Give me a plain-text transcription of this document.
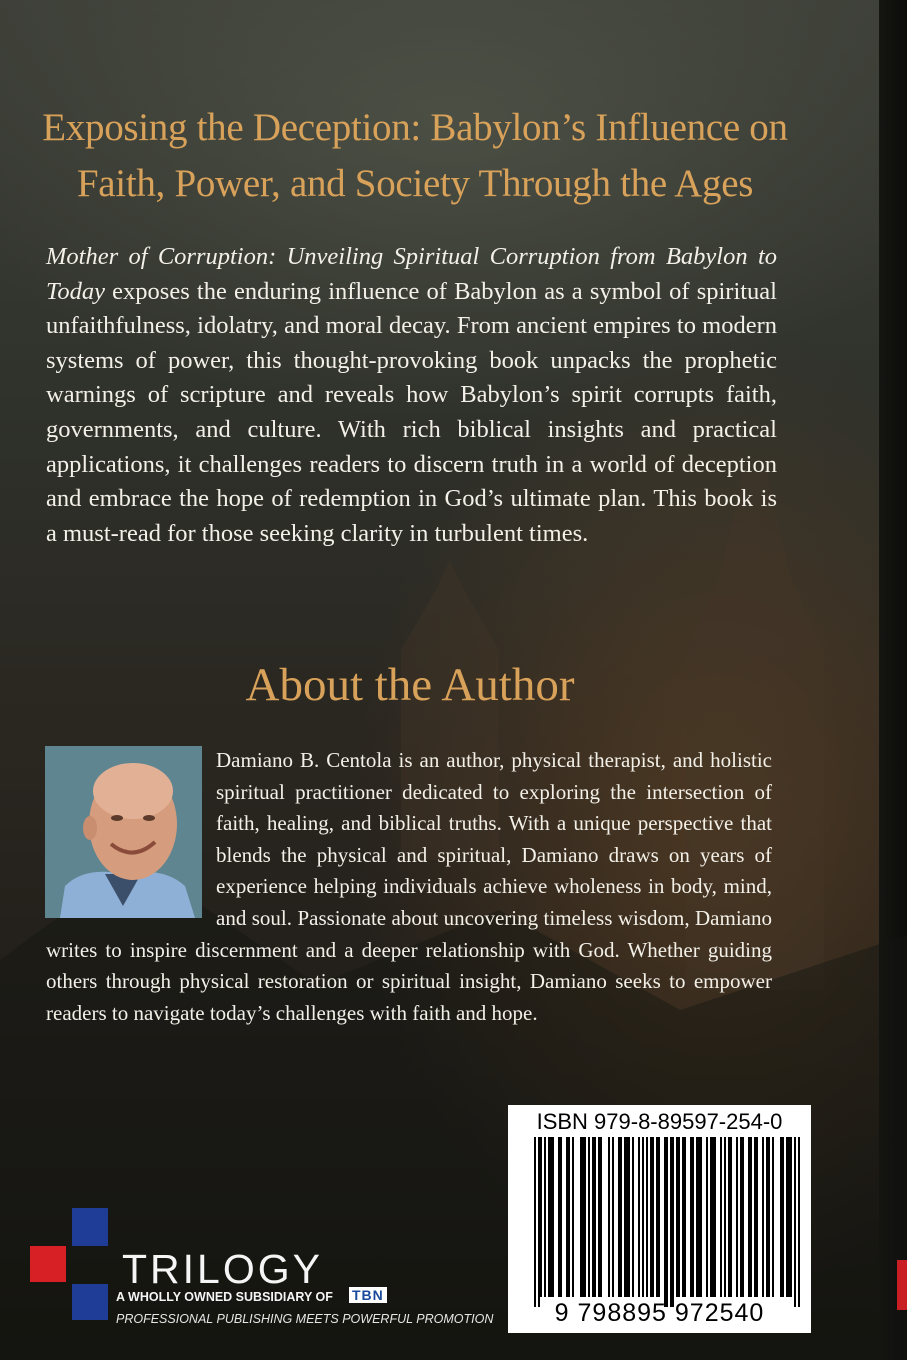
Exposing the Deception: Babylon’s Influence on Faith, Power, and Society Through the Ages
Mother of Corruption: Unveiling Spiritual Corruption from Babylon to Today exposes the enduring influence of Babylon as a symbol of spiritual unfaithfulness, idolatry, and moral decay. From ancient empires to modern systems of power, this thought-provoking book unpacks the prophetic warnings of scripture and reveals how Babylon’s spirit corrupts faith, governments, and culture. With rich biblical insights and practical applications, it challenges readers to discern truth in a world of deception and embrace the hope of redemption in God’s ultimate plan. This book is a must-read for those seeking clarity in turbulent times.
About the Author
Damiano B. Centola is an author, physical therapist, and holistic spiritual practitioner dedicated to exploring the intersection of faith, healing, and biblical truths. With a unique perspective that blends the physical and spiritual, Damiano draws on years of experience helping individuals achieve wholeness in body, mind, and soul. Passionate about uncovering timeless wisdom, Damiano writes to inspire discernment and a deeper relationship with God. Whether guiding others through physical restoration or spiritual insight, Damiano seeks to empower readers to navigate today’s challenges with faith and hope.
ISBN 979-8-89597-254-0
9 798895 972540
TRILOGY
A WHOLLY OWNED SUBSIDIARY OF TBN
PROFESSIONAL PUBLISHING MEETS POWERFUL PROMOTION
